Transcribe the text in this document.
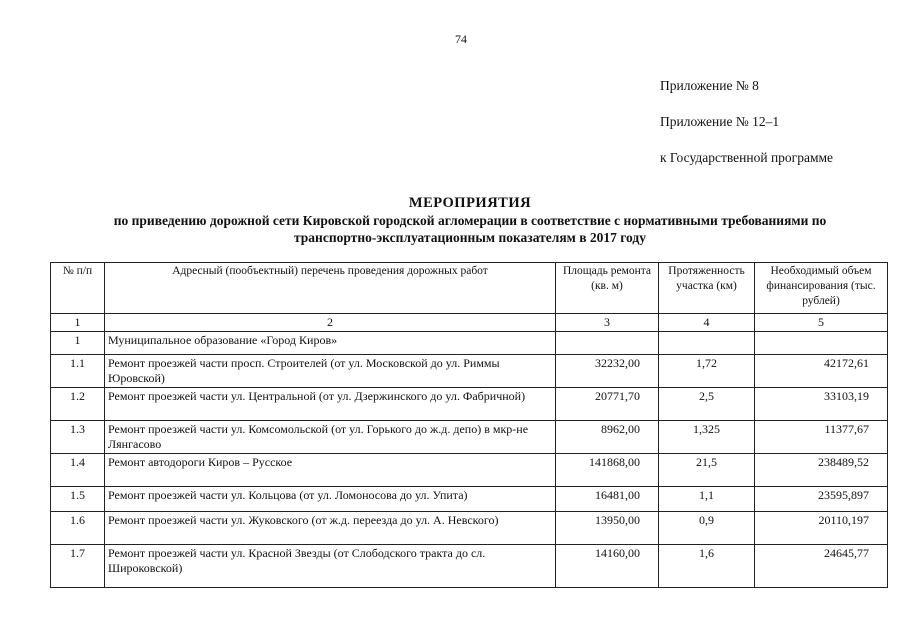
74
Приложение № 8
Приложение № 12–1
к Государственной программе
МЕРОПРИЯТИЯ
по приведению дорожной сети Кировской городской агломерации в соответствие с нормативными требованиями по
транспортно-эксплуатационным показателям в 2017 году
№ п/п	Адресный (пообъектный) перечень проведения дорожных работ	Площадь ремонта (кв. м)	Протяженность участка (км)	Необходимый объем финансирования (тыс. рублей)
1	2	3	4	5
1	Муниципальное образование «Город Киров»			
1.1	Ремонт проезжей части просп. Строителей (от ул. Московской до ул. Риммы Юровской)	32232,00	1,72	42172,61
1.2	Ремонт проезжей части ул. Центральной (от ул. Дзержинского до ул. Фабричной)	20771,70	2,5	33103,19
1.3	Ремонт проезжей части ул. Комсомольской (от ул. Горького до ж.д. депо) в мкр-не Лянгасово	8962,00	1,325	11377,67
1.4	Ремонт автодороги Киров – Русское	141868,00	21,5	238489,52
1.5	Ремонт проезжей части ул. Кольцова (от ул. Ломоносова до ул. Упита)	16481,00	1,1	23595,897
1.6	Ремонт проезжей части ул. Жуковского (от ж.д. переезда до ул. А. Невского)	13950,00	0,9	20110,197
1.7	Ремонт проезжей части ул. Красной Звезды (от Слободского тракта до сл. Широковской)	14160,00	1,6	24645,77
